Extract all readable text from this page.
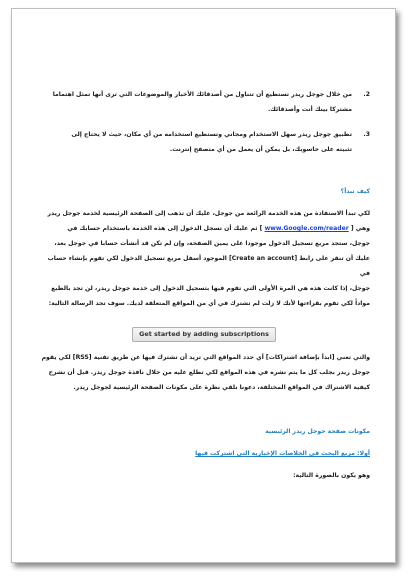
2.
من خلال جوجل ريدر تستطيع أن تتناول من أصدقائك الأخبار والموضوعات التي ترى أنها تمثل اهتماما
مشتركا بينك أنت وأصدقائك.
3.
تطبيق جوجل ريدر سهل الاستخدام ومجاني وتستطيع استخدامه من أي مكان، حيث لا يحتاج إلى
تثبيته على حاسوبك، بل يمكن أن يعمل من أي متصفح إنترنت.
كيف تبدأ؟
لكي تبدأ الاستفادة من هذه الخدمة الرائعة من جوجل، عليك أن تذهب إلى الصفحة الرئيسية لخدمة جوجل ريدر
وهي [ www.Google.com/reader ] ثم عليك أن تسجل الدخول إلى هذه الخدمة باستخدام حسابك في
جوجل، ستجد مربع تسجيل الدخول موجودا على يمين الصفحة، وإن لم تكن قد أنشأت حسابا في جوجل بعد،
عليك أن تنقر على رابط [Create an account] الموجود أسفل مربع تسجيل الدخول لكي تقوم بإنشاء حساب في
جوجل، إذا كانت هذه هي المرة الأولى التي تقوم فيها بتسجيل الدخول إلى خدمة جوجل ريدر، لن تجد بالطبع
مواداً لكي تقوم بقراءتها لأنك لا زلت لم تشترك في أي من المواقع المتعلقة لديك. سوف تجد الرسالة التالية:
Get started by adding subscriptions
والتي تعني [ابدأ بإضافة اشتراكات] أي حدد المواقع التي تريد أن تشترك فيها عن طريق تقنية [RSS] لكي يقوم
جوجل ريدر بجلب كل ما يتم نشره في هذه المواقع لكي تطلع عليه من خلال نافذة جوجل ريدر. قبل أن نشرح
كيفية الاشتراك في المواقع المختلفة، دعونا نلقي نظرة على مكونات الصفحة الرئيسية لجوجل ريدر.
مكونات صفحة جوجل ريدر الرئيسية
أولا: مربع البحث في الخلاصات الإخبارية التي اشتركت فيها
وهو يكون بالصورة التالية:
